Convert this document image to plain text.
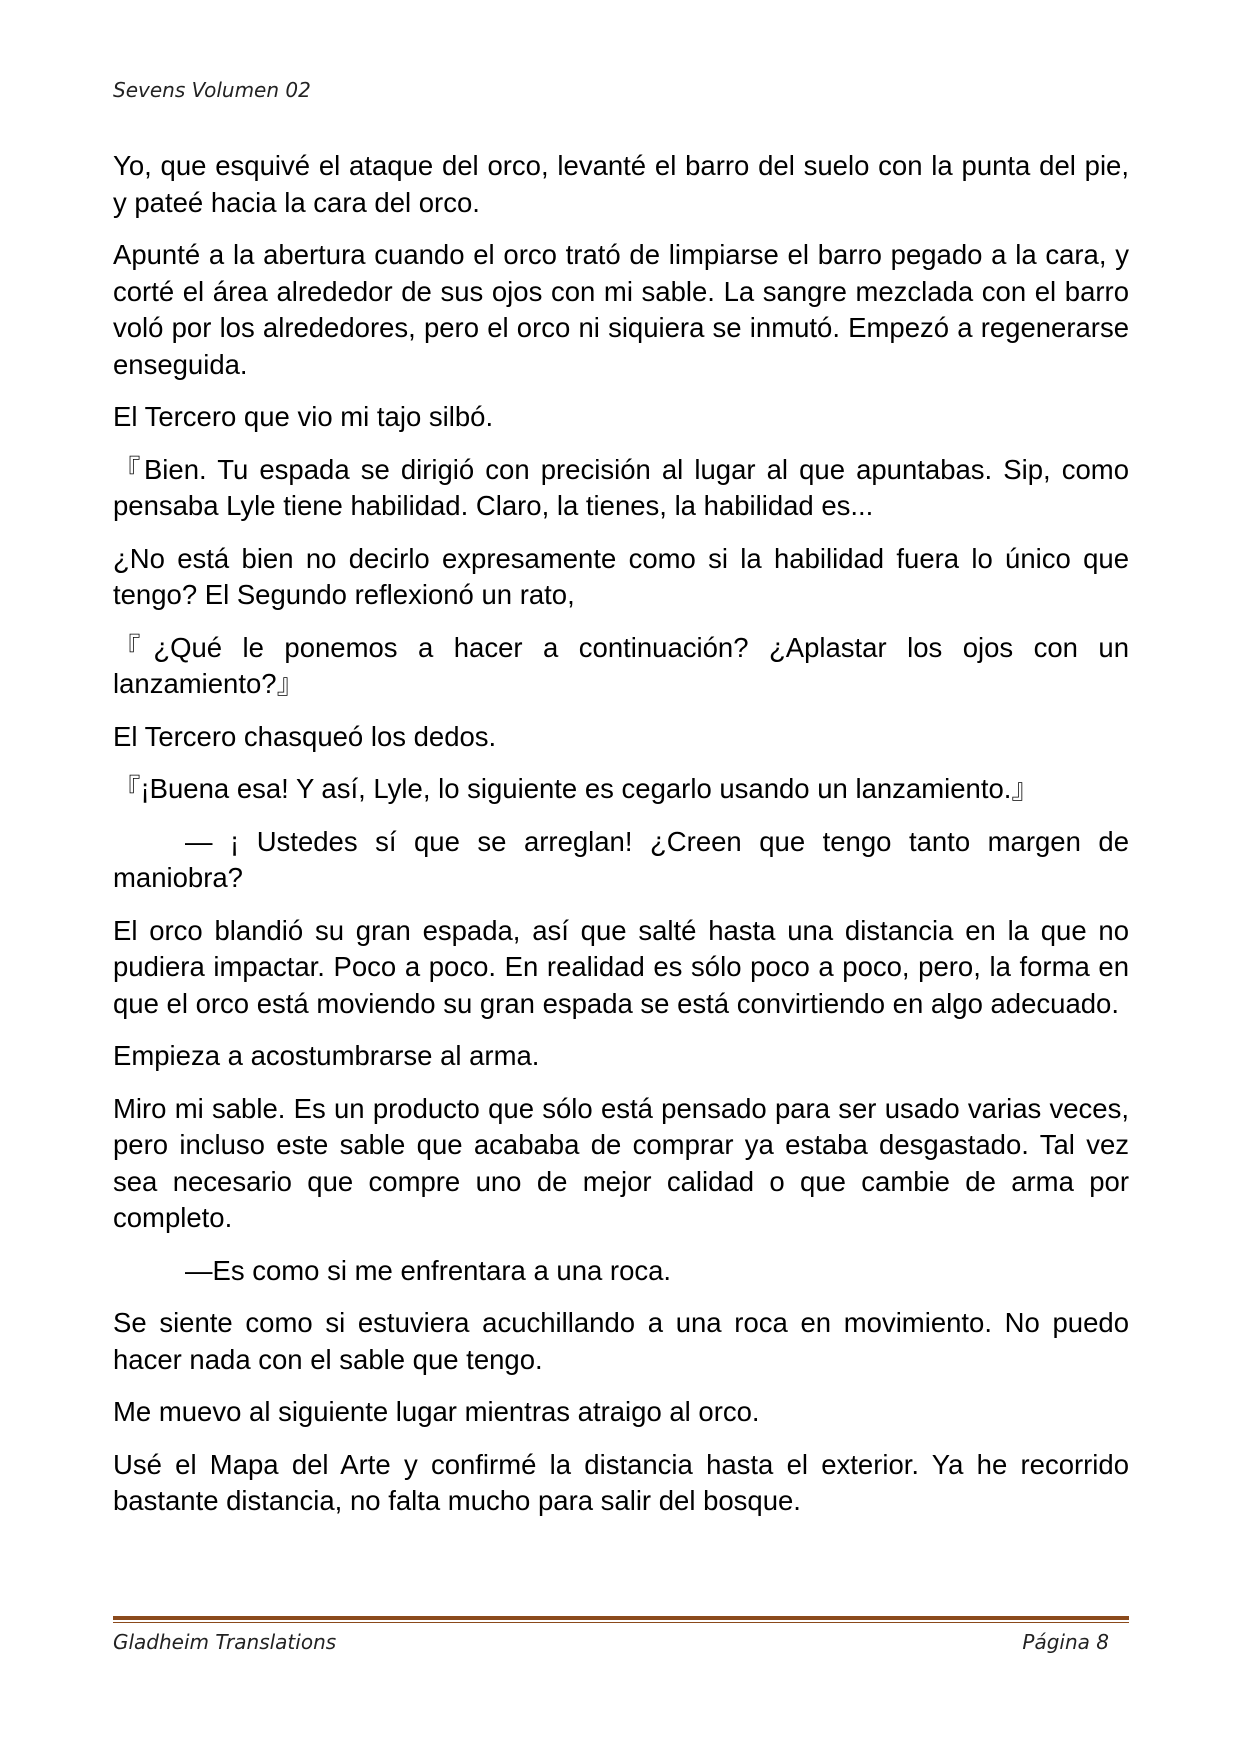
Sevens Volumen 02

Yo, que esquivé el ataque del orco, levanté el barro del suelo con la punta del pie, y pateé hacia la cara del orco.

Apunté a la abertura cuando el orco trató de limpiarse el barro pegado a la cara, y corté el área alrededor de sus ojos con mi sable. La sangre mezclada con el barro voló por los alrededores, pero el orco ni siquiera se inmutó. Empezó a regenerarse enseguida.

El Tercero que vio mi tajo silbó.

『Bien. Tu espada se dirigió con precisión al lugar al que apuntabas. Sip, como pensaba Lyle tiene habilidad. Claro, la tienes, la habilidad es...

¿No está bien no decirlo expresamente como si la habilidad fuera lo único que tengo? El Segundo reflexionó un rato,

『¿Qué le ponemos a hacer a continuación? ¿Aplastar los ojos con un lanzamiento?』

El Tercero chasqueó los dedos.

『¡Buena esa! Y así, Lyle, lo siguiente es cegarlo usando un lanzamiento.』

— ¡ Ustedes sí que se arreglan! ¿Creen que tengo tanto margen de maniobra?

El orco blandió su gran espada, así que salté hasta una distancia en la que no pudiera impactar. Poco a poco. En realidad es sólo poco a poco, pero, la forma en que el orco está moviendo su gran espada se está convirtiendo en algo adecuado.

Empieza a acostumbrarse al arma.

Miro mi sable. Es un producto que sólo está pensado para ser usado varias veces, pero incluso este sable que acababa de comprar ya estaba desgastado. Tal vez sea necesario que compre uno de mejor calidad o que cambie de arma por completo.

—Es como si me enfrentara a una roca.

Se siente como si estuviera acuchillando a una roca en movimiento. No puedo hacer nada con el sable que tengo.

Me muevo al siguiente lugar mientras atraigo al orco.

Usé el Mapa del Arte y confirmé la distancia hasta el exterior. Ya he recorrido bastante distancia, no falta mucho para salir del bosque.

Gladheim Translations	Página 8
